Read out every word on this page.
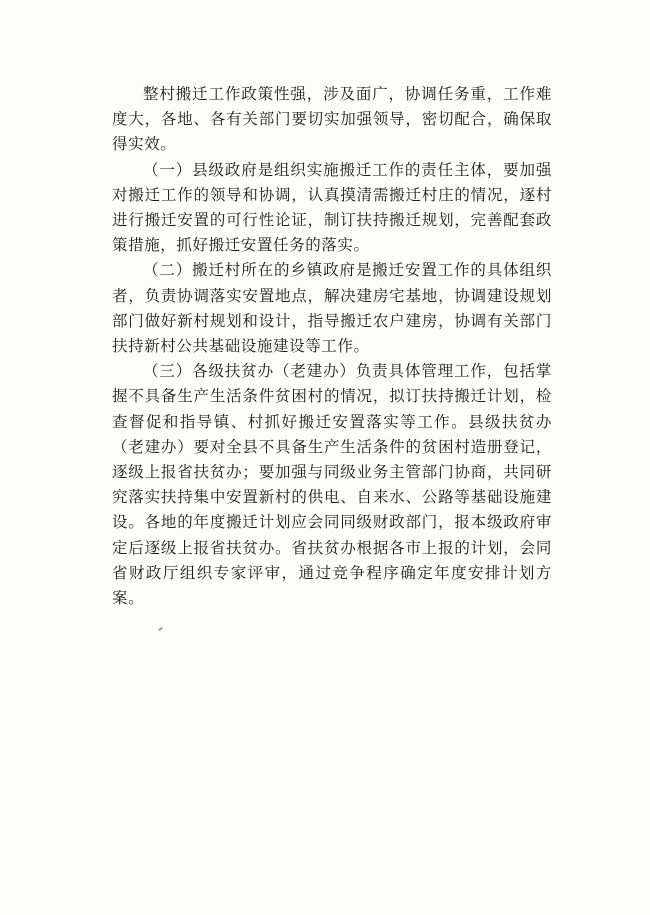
整村搬迁工作政策性强，涉及面广，协调任务重，工作难度大，各地、各有关部门要切实加强领导，密切配合，确保取得实效。

（一）县级政府是组织实施搬迁工作的责任主体，要加强对搬迁工作的领导和协调，认真摸清需搬迁村庄的情况，逐村进行搬迁安置的可行性论证，制订扶持搬迁规划，完善配套政策措施，抓好搬迁安置任务的落实。

（二）搬迁村所在的乡镇政府是搬迁安置工作的具体组织者，负责协调落实安置地点，解决建房宅基地，协调建设规划部门做好新村规划和设计，指导搬迁农户建房，协调有关部门扶持新村公共基础设施建设等工作。

（三）各级扶贫办（老建办）负责具体管理工作，包括掌握不具备生产生活条件贫困村的情况，拟订扶持搬迁计划，检查督促和指导镇、村抓好搬迁安置落实等工作。县级扶贫办（老建办）要对全县不具备生产生活条件的贫困村造册登记，逐级上报省扶贫办；要加强与同级业务主管部门协商，共同研究落实扶持集中安置新村的供电、自来水、公路等基础设施建设。各地的年度搬迁计划应会同同级财政部门，报本级政府审定后逐级上报省扶贫办。省扶贫办根据各市上报的计划，会同省财政厅组织专家评审，通过竞争程序确定年度安排计划方案。
